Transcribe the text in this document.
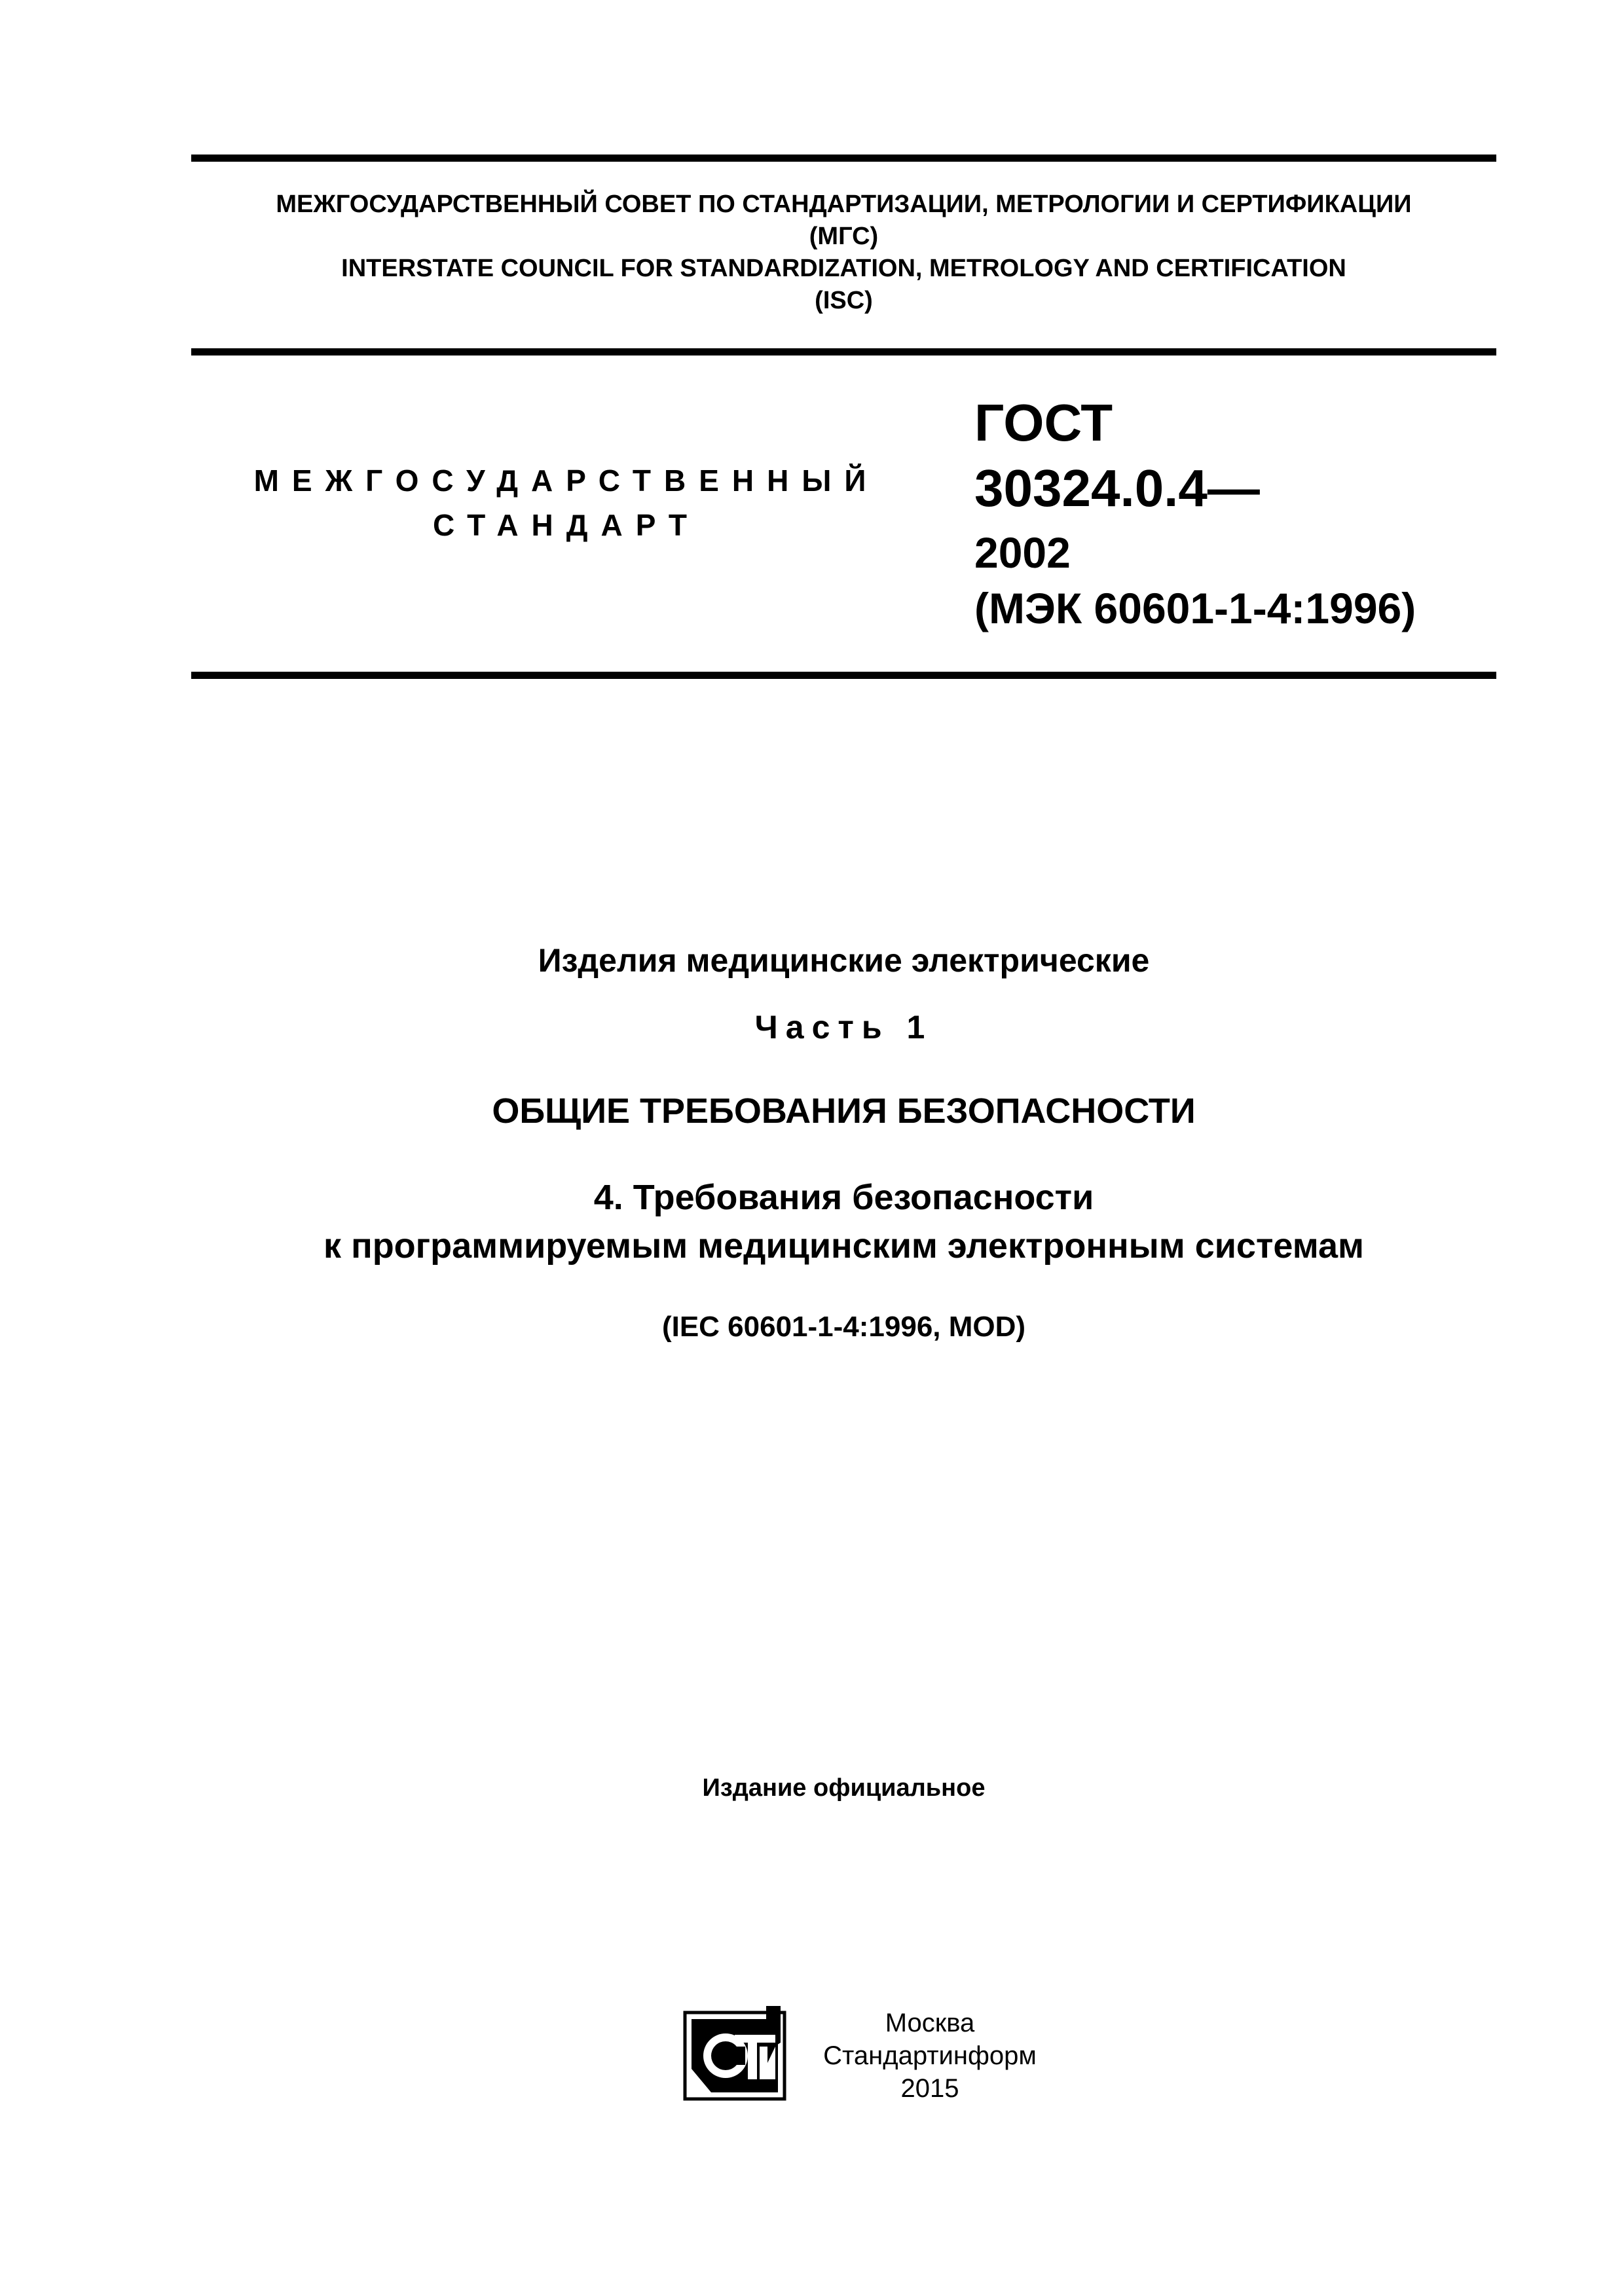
МЕЖГОСУДАРСТВЕННЫЙ СОВЕТ ПО СТАНДАРТИЗАЦИИ, МЕТРОЛОГИИ И СЕРТИФИКАЦИИ
(МГС)
INTERSTATE COUNCIL FOR STANDARDIZATION, METROLOGY AND CERTIFICATION
(ISC)
МЕЖГОСУДАРСТВЕННЫЙ
СТАНДАРТ
ГОСТ
30324.0.4—
2002
(МЭК 60601-1-4:1996)
Изделия медицинские электрические
Часть 1
ОБЩИЕ ТРЕБОВАНИЯ БЕЗОПАСНОСТИ
4. Требования безопасности
к программируемым медицинским электронным системам
(IEC 60601-1-4:1996, MOD)
Издание официальное
Москва
Стандартинформ
2015
